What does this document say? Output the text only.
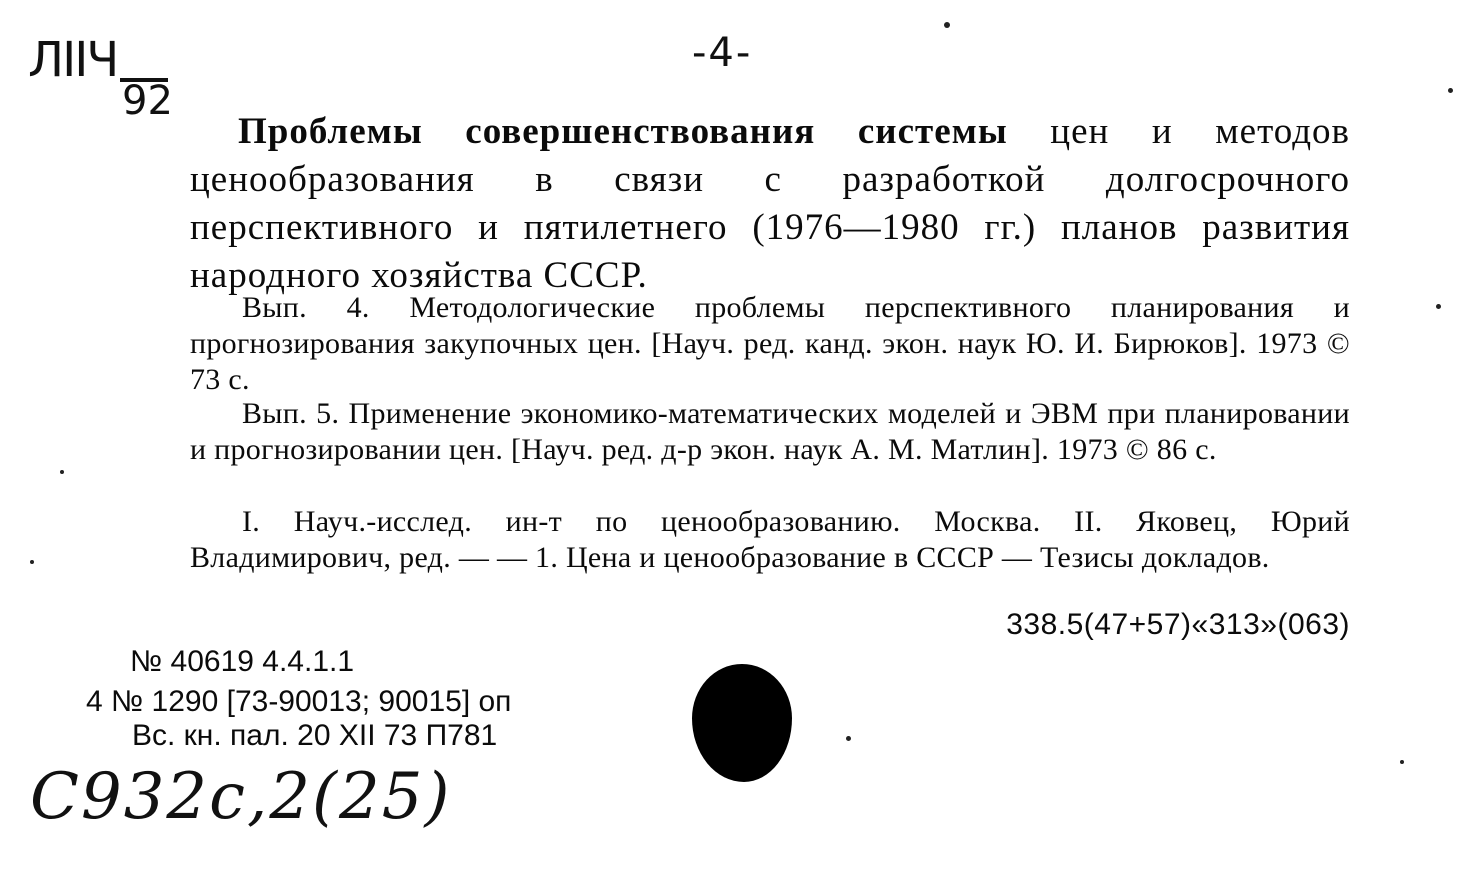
ЛIIЧ
92
-4-
Проблемы совершенствования системы цен и методов ценообразования в связи с разработкой долгосрочного перспективного и пятилетнего (1976—1980 гг.) планов развития народного хозяйства СССР.
Вып. 4. Методологические проблемы перспективного планирования и прогнозирования закупочных цен. [Науч. ред. канд. экон. наук Ю. И. Бирюков]. 1973 © 73 с.
Вып. 5. Применение экономико-математических моделей и ЭВМ при планировании и прогнозировании цен. [Науч. ред. д-р экон. наук А. М. Матлин]. 1973 © 86 с.
I. Науч.-исслед. ин-т по ценообразованию. Москва. II. Яковец, Юрий Владимирович, ред. — — 1. Цена и ценообразование в СССР — Тезисы докладов.
338.5(47+57)«313»(063)
№ 40619 4.4.1.1
4 № 1290 [73-90013; 90015] оп
Вс. кн. пал. 20 XII 73 П781
С932с,2(25)
